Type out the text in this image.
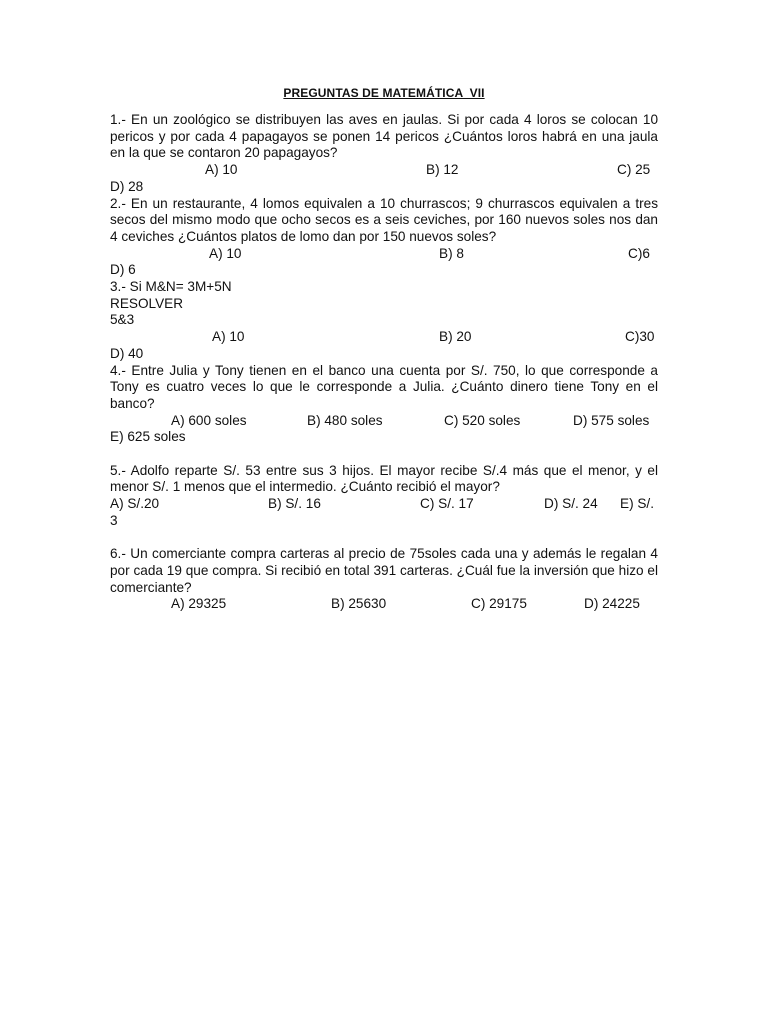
PREGUNTAS DE MATEMÁTICA  VII

1.- En un zoológico se distribuyen las aves en jaulas. Si por cada 4 loros se colocan 10 pericos y por cada 4 papagayos se ponen 14 pericos ¿Cuántos loros habrá en una jaula en la que se contaron 20 papagayos?

A) 10	B) 12	C) 25

D) 28

2.- En un restaurante, 4 lomos equivalen a 10 churrascos; 9 churrascos equivalen a tres secos del mismo modo que ocho secos es a seis ceviches, por 160 nuevos soles nos dan 4 ceviches ¿Cuántos platos de lomo dan por 150 nuevos soles?

A) 10	B) 8	C)6

D) 6

3.- Si M&N= 3M+5N

RESOLVER

5&3

A) 10	B) 20	C)30

D) 40

4.- Entre Julia y Tony tienen en el banco una cuenta por S/. 750, lo que corresponde a Tony es cuatro veces lo que le corresponde a Julia. ¿Cuánto dinero tiene Tony en el banco?

A) 600 soles	B) 480 soles	C) 520 soles	D) 575 soles

E) 625 soles

5.- Adolfo reparte S/. 53 entre sus 3 hijos. El mayor recibe S/.4 más que el menor, y el menor S/. 1 menos que el intermedio. ¿Cuánto recibió el mayor?

A) S/.20	B) S/. 16	C) S/. 17	D) S/. 24 E) S/.

3

6.- Un comerciante compra carteras al precio de 75soles cada una y además le regalan 4 por cada 19 que compra. Si recibió en total 391 carteras. ¿Cuál fue la inversión que hizo el comerciante?

A) 29325	B) 25630	C) 29175	D) 24225
